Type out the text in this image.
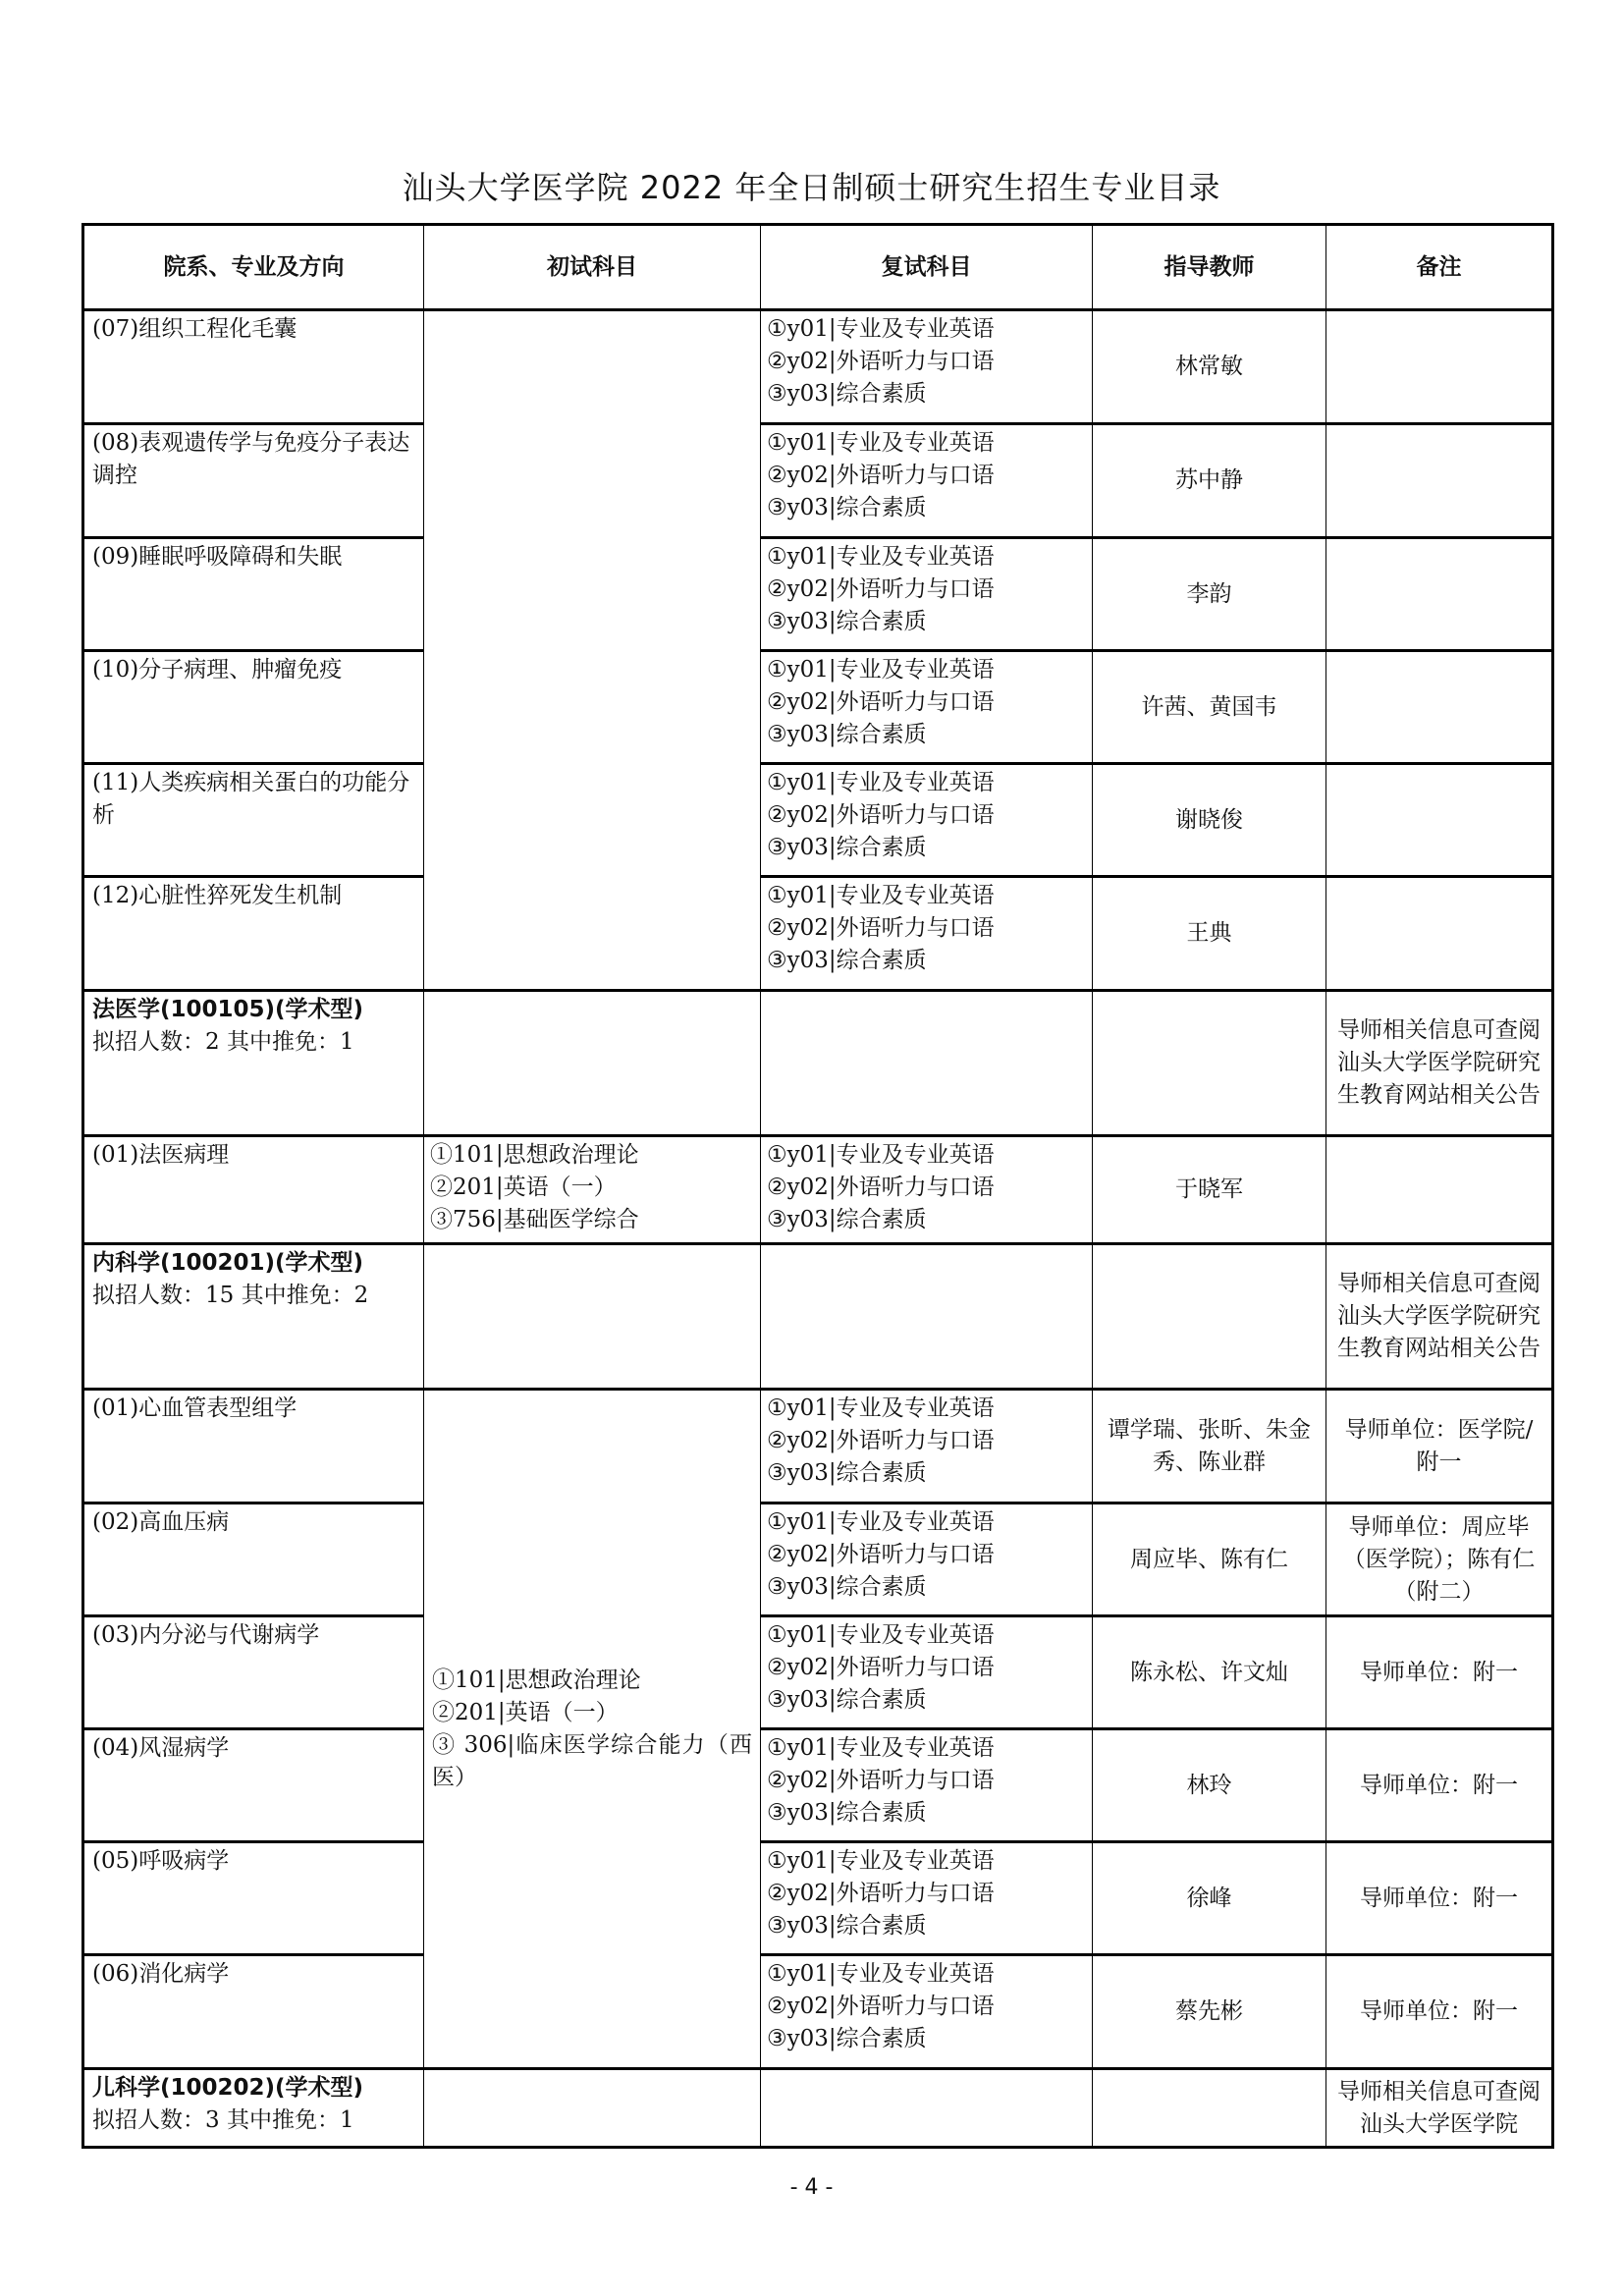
汕头大学医学院 2022 年全日制硕士研究生招生专业目录
院系、专业及方向	初试科目	复试科目	指导教师	备注
(07)组织工程化毛囊		①y01|专业及专业英语
②y02|外语听力与口语
③y03|综合素质	林常敏	
(08)表观遗传学与免疫分子表达调控		①y01|专业及专业英语
②y02|外语听力与口语
③y03|综合素质	苏中静	
(09)睡眠呼吸障碍和失眠		①y01|专业及专业英语
②y02|外语听力与口语
③y03|综合素质	李韵	
(10)分子病理、肿瘤免疫		①y01|专业及专业英语
②y02|外语听力与口语
③y03|综合素质	许茜、黄国韦	
(11)人类疾病相关蛋白的功能分析		①y01|专业及专业英语
②y02|外语听力与口语
③y03|综合素质	谢晓俊	
(12)心脏性猝死发生机制		①y01|专业及专业英语
②y02|外语听力与口语
③y03|综合素质	王典	

法医学(100105)(学术型)
拟招人数：2 其中推免：1				导师相关信息可查阅汕头大学医学院研究生教育网站相关公告
(01)法医病理	①101|思想政治理论
②201|英语（一）
③756|基础医学综合	①y01|专业及专业英语
②y02|外语听力与口语
③y03|综合素质	于晓军	

内科学(100201)(学术型)
拟招人数：15 其中推免：2				导师相关信息可查阅汕头大学医学院研究生教育网站相关公告
(01)心血管表型组学	①101|思想政治理论
②201|英语（一）
③ 306|临床医学综合能力（西医）	①y01|专业及专业英语
②y02|外语听力与口语
③y03|综合素质	谭学瑞、张昕、朱金秀、陈业群	导师单位：医学院/附一
(02)高血压病		①y01|专业及专业英语
②y02|外语听力与口语
③y03|综合素质	周应毕、陈有仁	导师单位：周应毕（医学院）；陈有仁（附二）
(03)内分泌与代谢病学		①y01|专业及专业英语
②y02|外语听力与口语
③y03|综合素质	陈永松、许文灿	导师单位：附一
(04)风湿病学		①y01|专业及专业英语
②y02|外语听力与口语
③y03|综合素质	林玲	导师单位：附一
(05)呼吸病学		①y01|专业及专业英语
②y02|外语听力与口语
③y03|综合素质	徐峰	导师单位：附一
(06)消化病学		①y01|专业及专业英语
②y02|外语听力与口语
③y03|综合素质	蔡先彬	导师单位：附一

儿科学(100202)(学术型)
拟招人数：3 其中推免：1				导师相关信息可查阅汕头大学医学院
- 4 -
